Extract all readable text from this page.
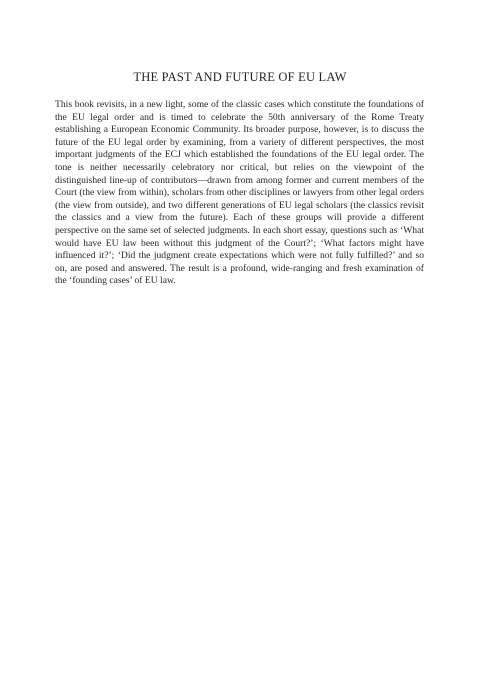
THE PAST AND FUTURE OF EU LAW

This book revisits, in a new light, some of the classic cases which constitute the foundations of the EU legal order and is timed to celebrate the 50th anniversary of the Rome Treaty establishing a European Economic Community. Its broader purpose, however, is to discuss the future of the EU legal order by examining, from a variety of different perspectives, the most important judgments of the ECJ which established the foundations of the EU legal order. The tone is neither necessarily celebratory nor critical, but relies on the viewpoint of the distinguished line-up of contributors—drawn from among former and current members of the Court (the view from within), scholars from other disciplines or lawyers from other legal orders (the view from outside), and two different generations of EU legal scholars (the classics revisit the classics and a view from the future). Each of these groups will provide a different perspective on the same set of selected judgments. In each short essay, questions such as ‘What would have EU law been without this judgment of the Court?’; ‘What factors might have influenced it?’; ‘Did the judgment create expectations which were not fully fulfilled?’ and so on, are posed and answered. The result is a profound, wide-ranging and fresh examination of the ‘founding cases’ of EU law.
